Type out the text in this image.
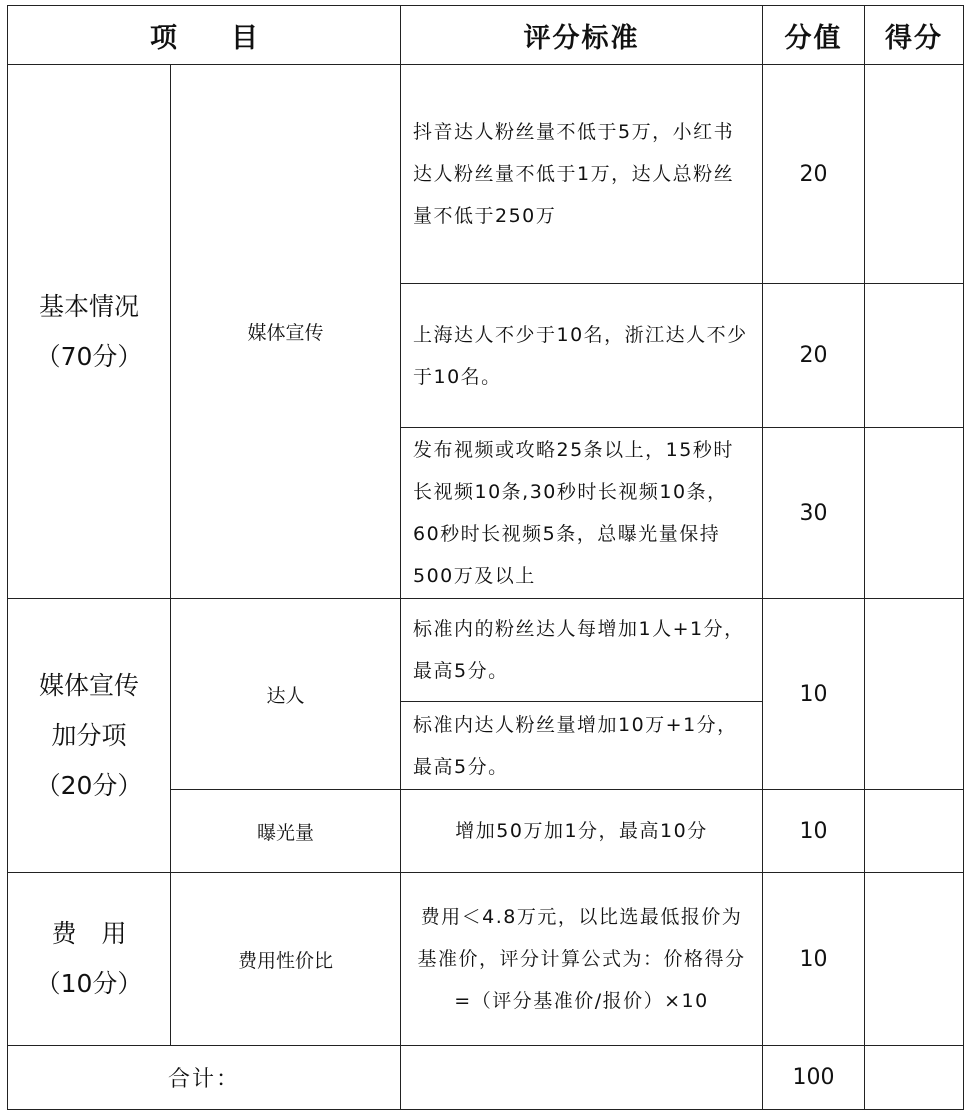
项　　目		评分标准	分值	得分

基本情况
（70分）	媒体宣传	抖音达人粉丝量不低于5万，小红书达人粉丝量不低于1万，达人总粉丝量不低于250万	20	
		上海达人不少于10名，浙江达人不少于10名。	20	
		发布视频或攻略25条以上，15秒时长视频10条,30秒时长视频10条，60秒时长视频5条，总曝光量保持500万及以上	30	

媒体宣传
加分项
（20分）	达人	标准内的粉丝达人每增加1人+1分，最高5分。	10	
		标准内达人粉丝量增加10万+1分，最高5分。		
	曝光量	增加50万加1分，最高10分	10	

费　用
（10分）	费用性价比	费用＜4.8万元，以比选最低报价为基准价，评分计算公式为：价格得分=（评分基准价/报价）×10	10	
合计：			100	
